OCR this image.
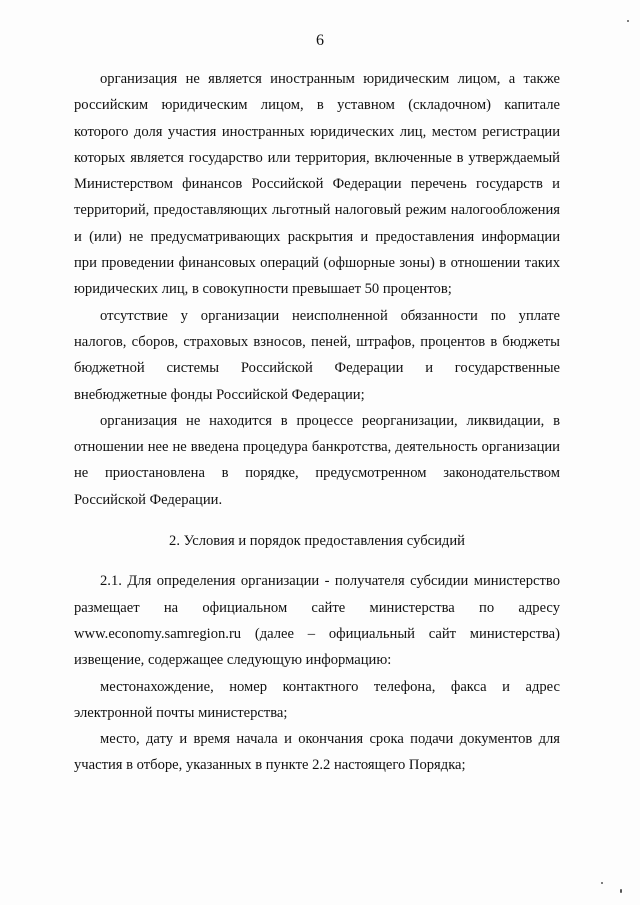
6

организация не является иностранным юридическим лицом, а также российским юридическим лицом, в уставном (складочном) капитале которого доля участия иностранных юридических лиц, местом регистрации которых является государство или территория, включенные в утверждаемый Министерством финансов Российской Федерации перечень государств и территорий, предоставляющих льготный налоговый режим налогообложения и (или) не предусматривающих раскрытия и предоставления информации при проведении финансовых операций (офшорные зоны) в отношении таких юридических лиц, в совокупности превышает 50 процентов;

отсутствие у организации неисполненной обязанности по уплате налогов, сборов, страховых взносов, пеней, штрафов, процентов в бюджеты бюджетной системы Российской Федерации и государственные внебюджетные фонды Российской Федерации;

организация не находится в процессе реорганизации, ликвидации, в отношении нее не введена процедура банкротства, деятельность организации не приостановлена в порядке, предусмотренном законодательством Российской Федерации.

2. Условия и порядок предоставления субсидий

2.1. Для определения организации - получателя субсидии министерство размещает на официальном сайте министерства по адресу www.economy.samregion.ru (далее – официальный сайт министерства) извещение, содержащее следующую информацию:

местонахождение, номер контактного телефона, факса и адрес электронной почты министерства;

место, дату и время начала и окончания срока подачи документов для участия в отборе, указанных в пункте 2.2 настоящего Порядка;
